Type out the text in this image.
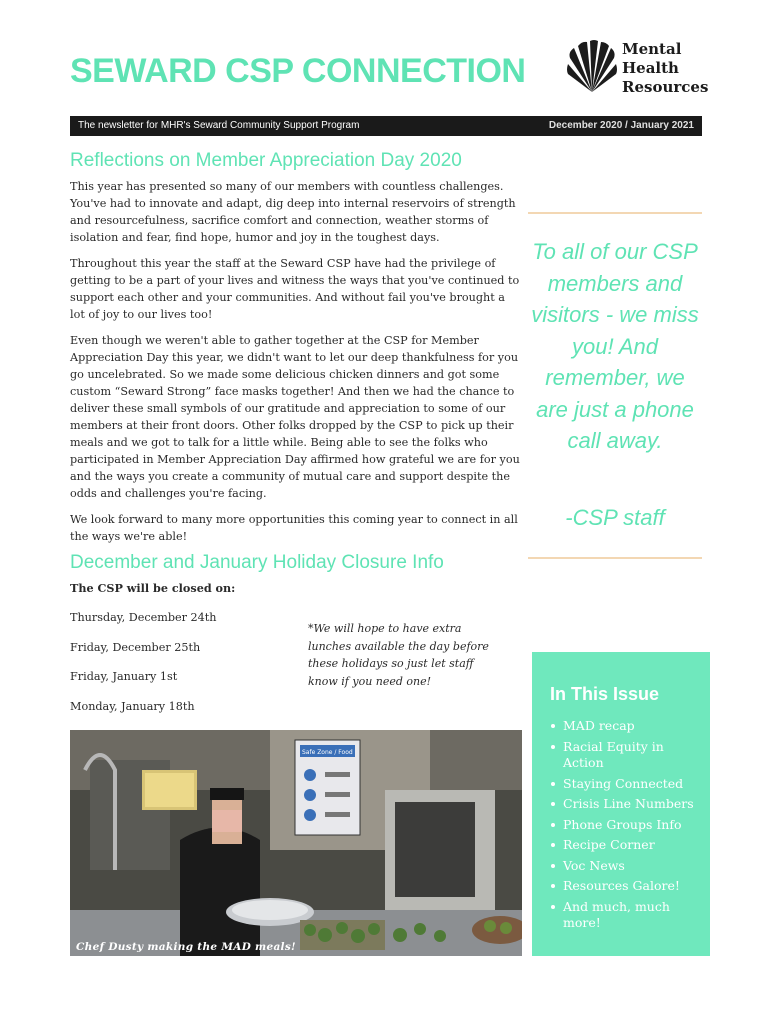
SEWARD CSP CONNECTION
Mental
Health
Resources
The newsletter for MHR's Seward Community Support Program	December 2020 / January 2021
Reflections on Member Appreciation Day 2020

This year has presented so many of our members with countless challenges. You've had to innovate and adapt, dig deep into internal reservoirs of strength and resourcefulness, sacrifice comfort and connection, weather storms of isolation and fear, find hope, humor and joy in the toughest days.

Throughout this year the staff at the Seward CSP have had the privilege of getting to be a part of your lives and witness the ways that you've continued to support each other and your communities. And without fail you've brought a lot of joy to our lives too!

Even though we weren't able to gather together at the CSP for Member Appreciation Day this year, we didn't want to let our deep thankfulness for you go uncelebrated. So we made some delicious chicken dinners and got some custom “Seward Strong” face masks together! And then we had the chance to deliver these small symbols of our gratitude and appreciation to some of our members at their front doors. Other folks dropped by the CSP to pick up their meals and we got to talk for a little while. Being able to see the folks who participated in Member Appreciation Day affirmed how grateful we are for you and the ways you create a community of mutual care and support despite the odds and challenges you're facing.

We look forward to many more opportunities this coming year to connect in all the ways we're able!

To all of our CSP members and visitors - we miss you! And remember, we are just a phone call away.
-CSP staff
December and January Holiday Closure Info
The CSP will be closed on:
Thursday, December 24th
Friday, December 25th
Friday, January 1st
Monday, January 18th
*We will hope to have extra lunches available the day before these holidays so just let staff know if you need one!
Safe Zone / Food
Chef Dusty making the MAD meals!
In This Issue
MAD recap
Racial Equity in Action
Staying Connected
Crisis Line Numbers
Phone Groups Info
Recipe Corner
Voc News
Resources Galore!
And much, much more!
